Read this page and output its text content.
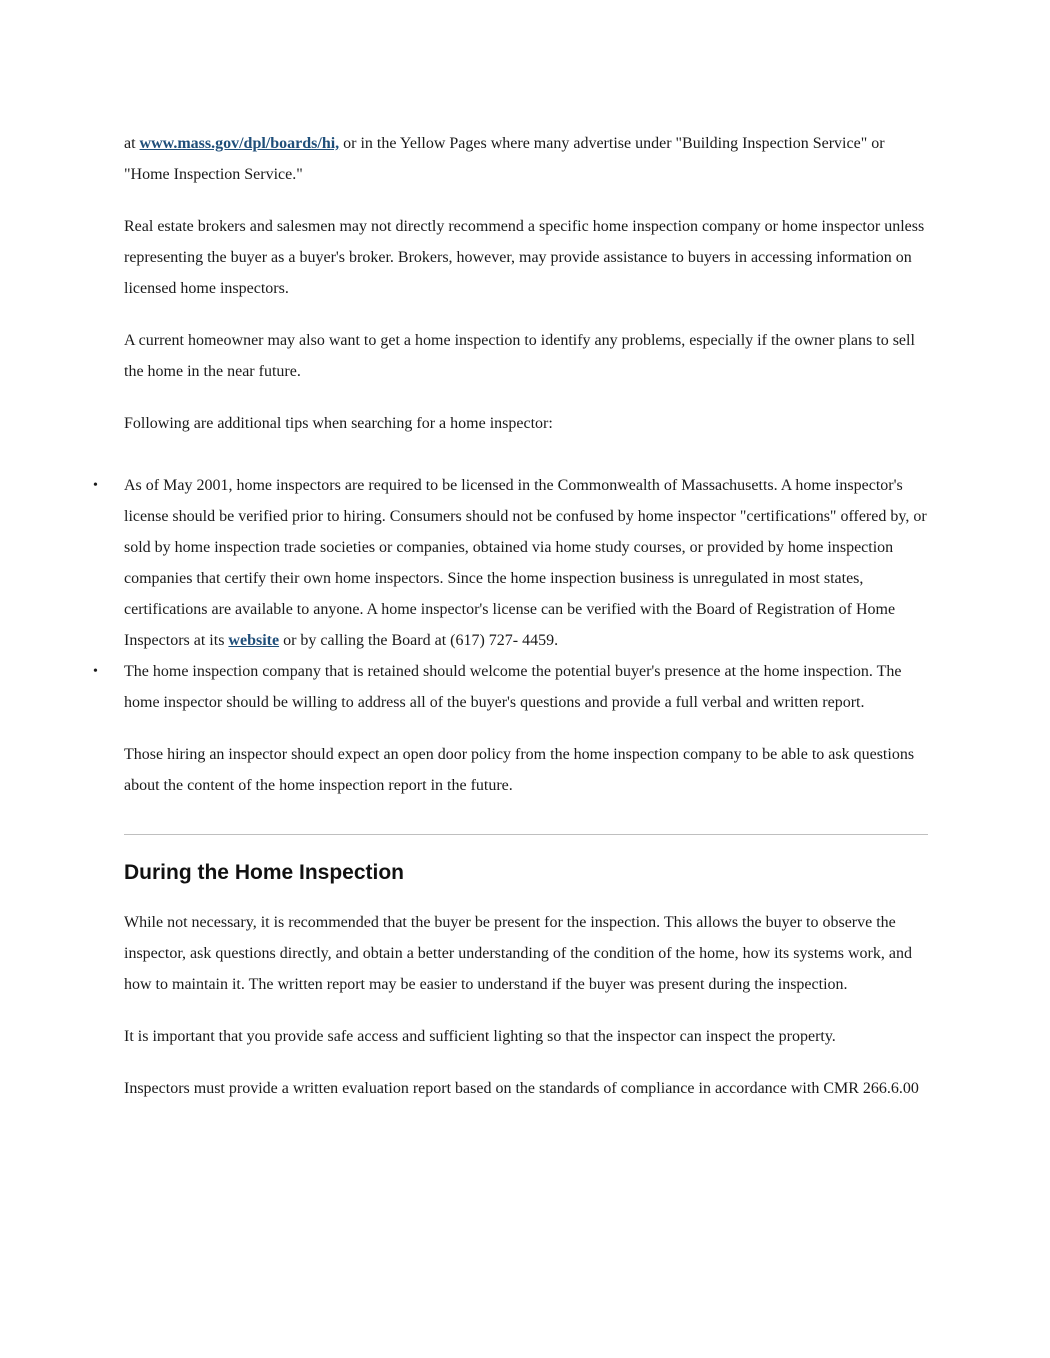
at www.mass.gov/dpl/boards/hi, or in the Yellow Pages where many advertise under "Building Inspection Service" or "Home Inspection Service."

Real estate brokers and salesmen may not directly recommend a specific home inspection company or home inspector unless representing the buyer as a buyer's broker. Brokers, however, may provide assistance to buyers in accessing information on licensed home inspectors.

A current homeowner may also want to get a home inspection to identify any problems, especially if the owner plans to sell the home in the near future.

Following are additional tips when searching for a home inspector:

• As of May 2001, home inspectors are required to be licensed in the Commonwealth of Massachusetts. A home inspector's license should be verified prior to hiring. Consumers should not be confused by home inspector "certifications" offered by, or sold by home inspection trade societies or companies, obtained via home study courses, or provided by home inspection companies that certify their own home inspectors. Since the home inspection business is unregulated in most states, certifications are available to anyone. A home inspector's license can be verified with the Board of Registration of Home Inspectors at its website or by calling the Board at (617) 727- 4459.
• The home inspection company that is retained should welcome the potential buyer's presence at the home inspection. The home inspector should be willing to address all of the buyer's questions and provide a full verbal and written report.

Those hiring an inspector should expect an open door policy from the home inspection company to be able to ask questions about the content of the home inspection report in the future.

During the Home Inspection

While not necessary, it is recommended that the buyer be present for the inspection. This allows the buyer to observe the inspector, ask questions directly, and obtain a better understanding of the condition of the home, how its systems work, and how to maintain it. The written report may be easier to understand if the buyer was present during the inspection.

It is important that you provide safe access and sufficient lighting so that the inspector can inspect the property.

Inspectors must provide a written evaluation report based on the standards of compliance in accordance with CMR 266.6.00
